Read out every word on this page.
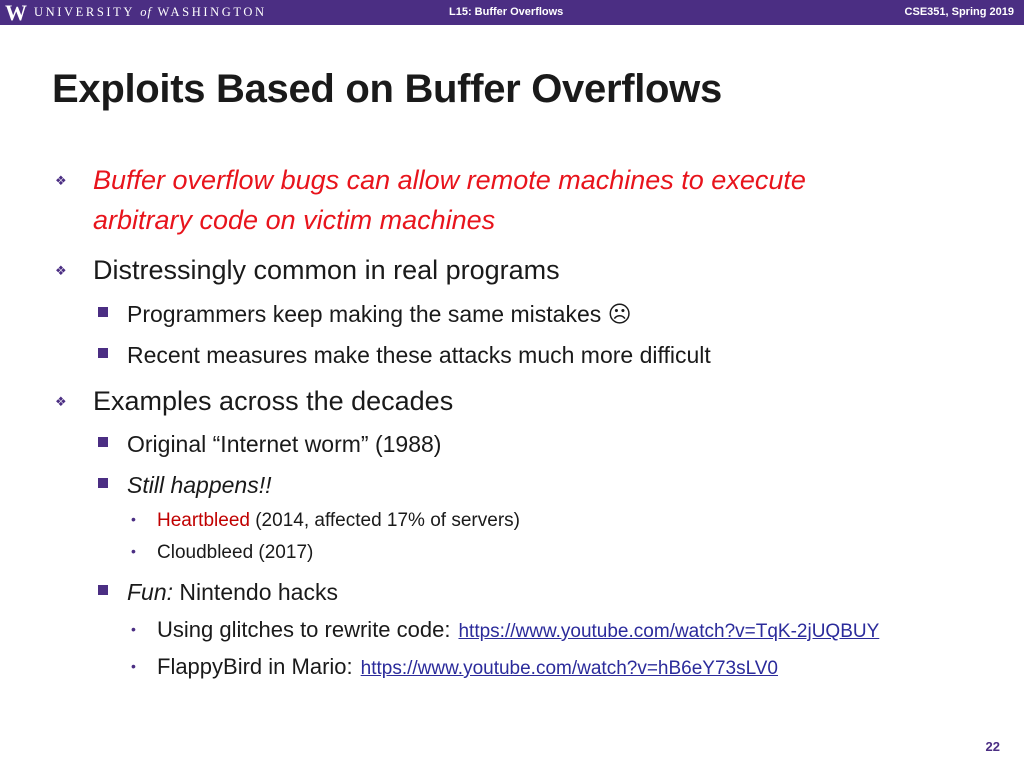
W UNIVERSITY of WASHINGTON	L15: Buffer Overflows	CSE351, Spring 2019
Exploits Based on Buffer Overflows
❖ Buffer overflow bugs can allow remote machines to execute
arbitrary code on victim machines
❖ Distressingly common in real programs
Programmers keep making the same mistakes ☹
Recent measures make these attacks much more difficult
❖ Examples across the decades
Original “Internet worm” (1988)
Still happens!!
• Heartbleed (2014, affected 17% of servers)
• Cloudbleed (2017)
Fun: Nintendo hacks
• Using glitches to rewrite code: https://www.youtube.com/watch?v=TqK-2jUQBUY
• FlappyBird in Mario: https://www.youtube.com/watch?v=hB6eY73sLV0
22
